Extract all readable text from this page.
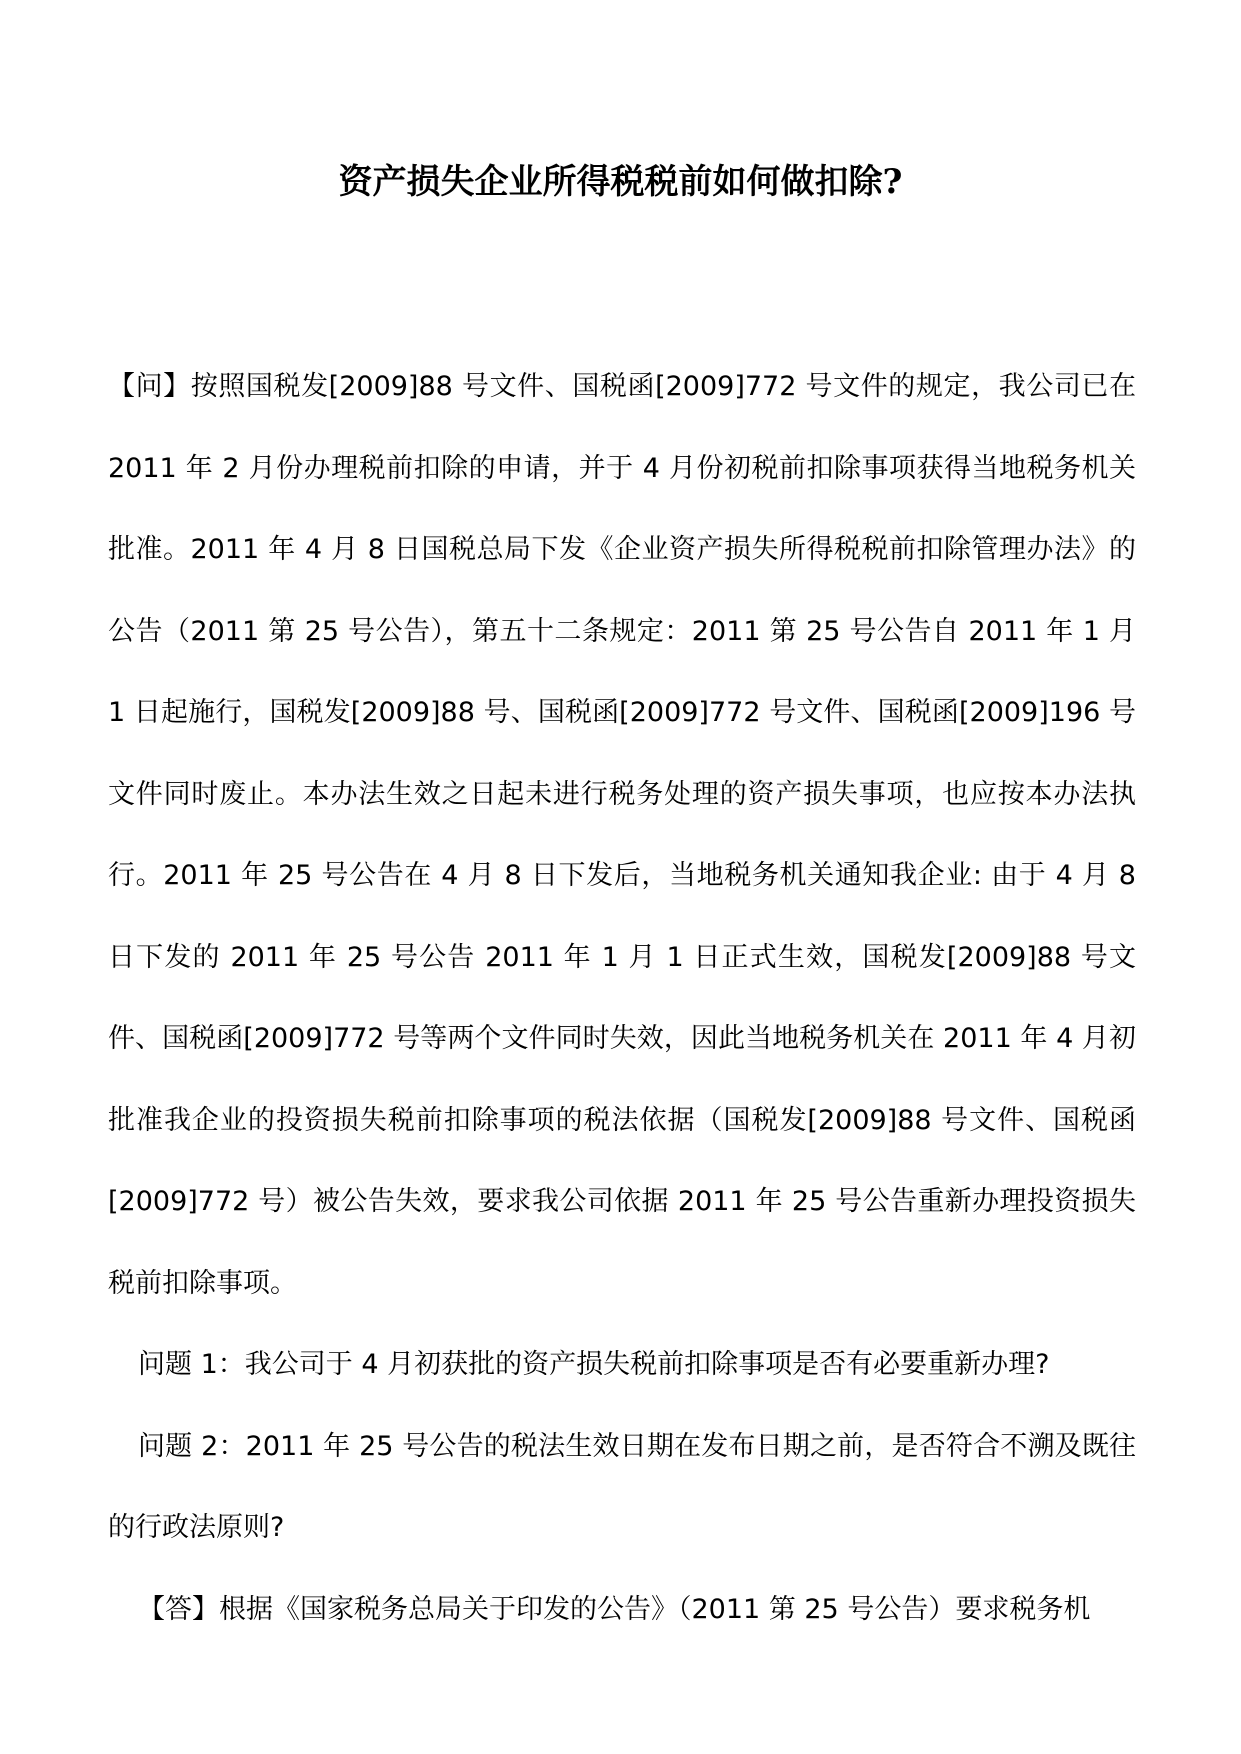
资产损失企业所得税税前如何做扣除?

【问】按照国税发[2009]88 号文件、国税函[2009]772 号文件的规定，我公司已在 2011 年 2 月份办理税前扣除的申请，并于 4 月份初税前扣除事项获得当地税务机关批准。2011 年 4 月 8 日国税总局下发《企业资产损失所得税税前扣除管理办法》的公告（2011 第 25 号公告），第五十二条规定：2011 第 25 号公告自 2011 年 1 月 1 日起施行，国税发[2009]88 号、国税函[2009]772 号文件、国税函[2009]196 号文件同时废止。本办法生效之日起未进行税务处理的资产损失事项，也应按本办法执行。2011 年 25 号公告在 4 月 8 日下发后，当地税务机关通知我企业: 由于 4 月 8 日下发的 2011 年 25 号公告 2011 年 1 月 1 日正式生效，国税发[2009]88 号文件、国税函[2009]772 号等两个文件同时失效，因此当地税务机关在 2011 年 4 月初批准我企业的投资损失税前扣除事项的税法依据（国税发[2009]88 号文件、国税函[2009]772 号）被公告失效，要求我公司依据 2011 年 25 号公告重新办理投资损失税前扣除事项。

问题 1：我公司于 4 月初获批的资产损失税前扣除事项是否有必要重新办理?

问题 2：2011 年 25 号公告的税法生效日期在发布日期之前，是否符合不溯及既往的行政法原则?

【答】根据《国家税务总局关于印发的公告》（2011 第 25 号公告）要求税务机
